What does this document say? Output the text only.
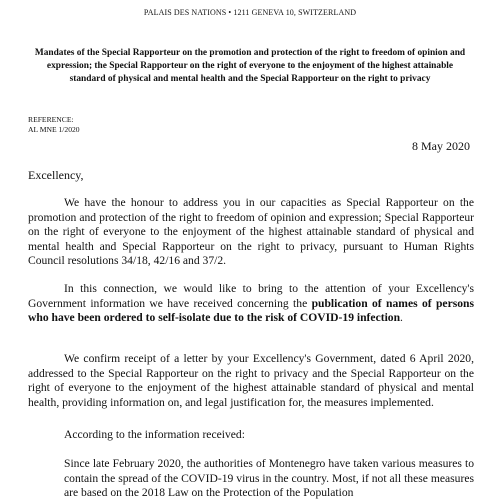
PALAIS DES NATIONS • 1211 GENEVA 10, SWITZERLAND
Mandates of the Special Rapporteur on the promotion and protection of the right to freedom of opinion and expression; the Special Rapporteur on the right of everyone to the enjoyment of the highest attainable standard of physical and mental health and the Special Rapporteur on the right to privacy
REFERENCE:
AL MNE 1/2020
8 May 2020
Excellency,
We have the honour to address you in our capacities as Special Rapporteur on the promotion and protection of the right to freedom of opinion and expression; Special Rapporteur on the right of everyone to the enjoyment of the highest attainable standard of physical and mental health and Special Rapporteur on the right to privacy, pursuant to Human Rights Council resolutions 34/18, 42/16 and 37/2.
In this connection, we would like to bring to the attention of your Excellency's Government information we have received concerning the publication of names of persons who have been ordered to self-isolate due to the risk of COVID-19 infection.
We confirm receipt of a letter by your Excellency's Government, dated 6 April 2020, addressed to the Special Rapporteur on the right to privacy and the Special Rapporteur on the right of everyone to the enjoyment of the highest attainable standard of physical and mental health, providing information on, and legal justification for, the measures implemented.
According to the information received:
Since late February 2020, the authorities of Montenegro have taken various measures to contain the spread of the COVID-19 virus in the country. Most, if not all these measures are based on the 2018 Law on the Protection of the Population
